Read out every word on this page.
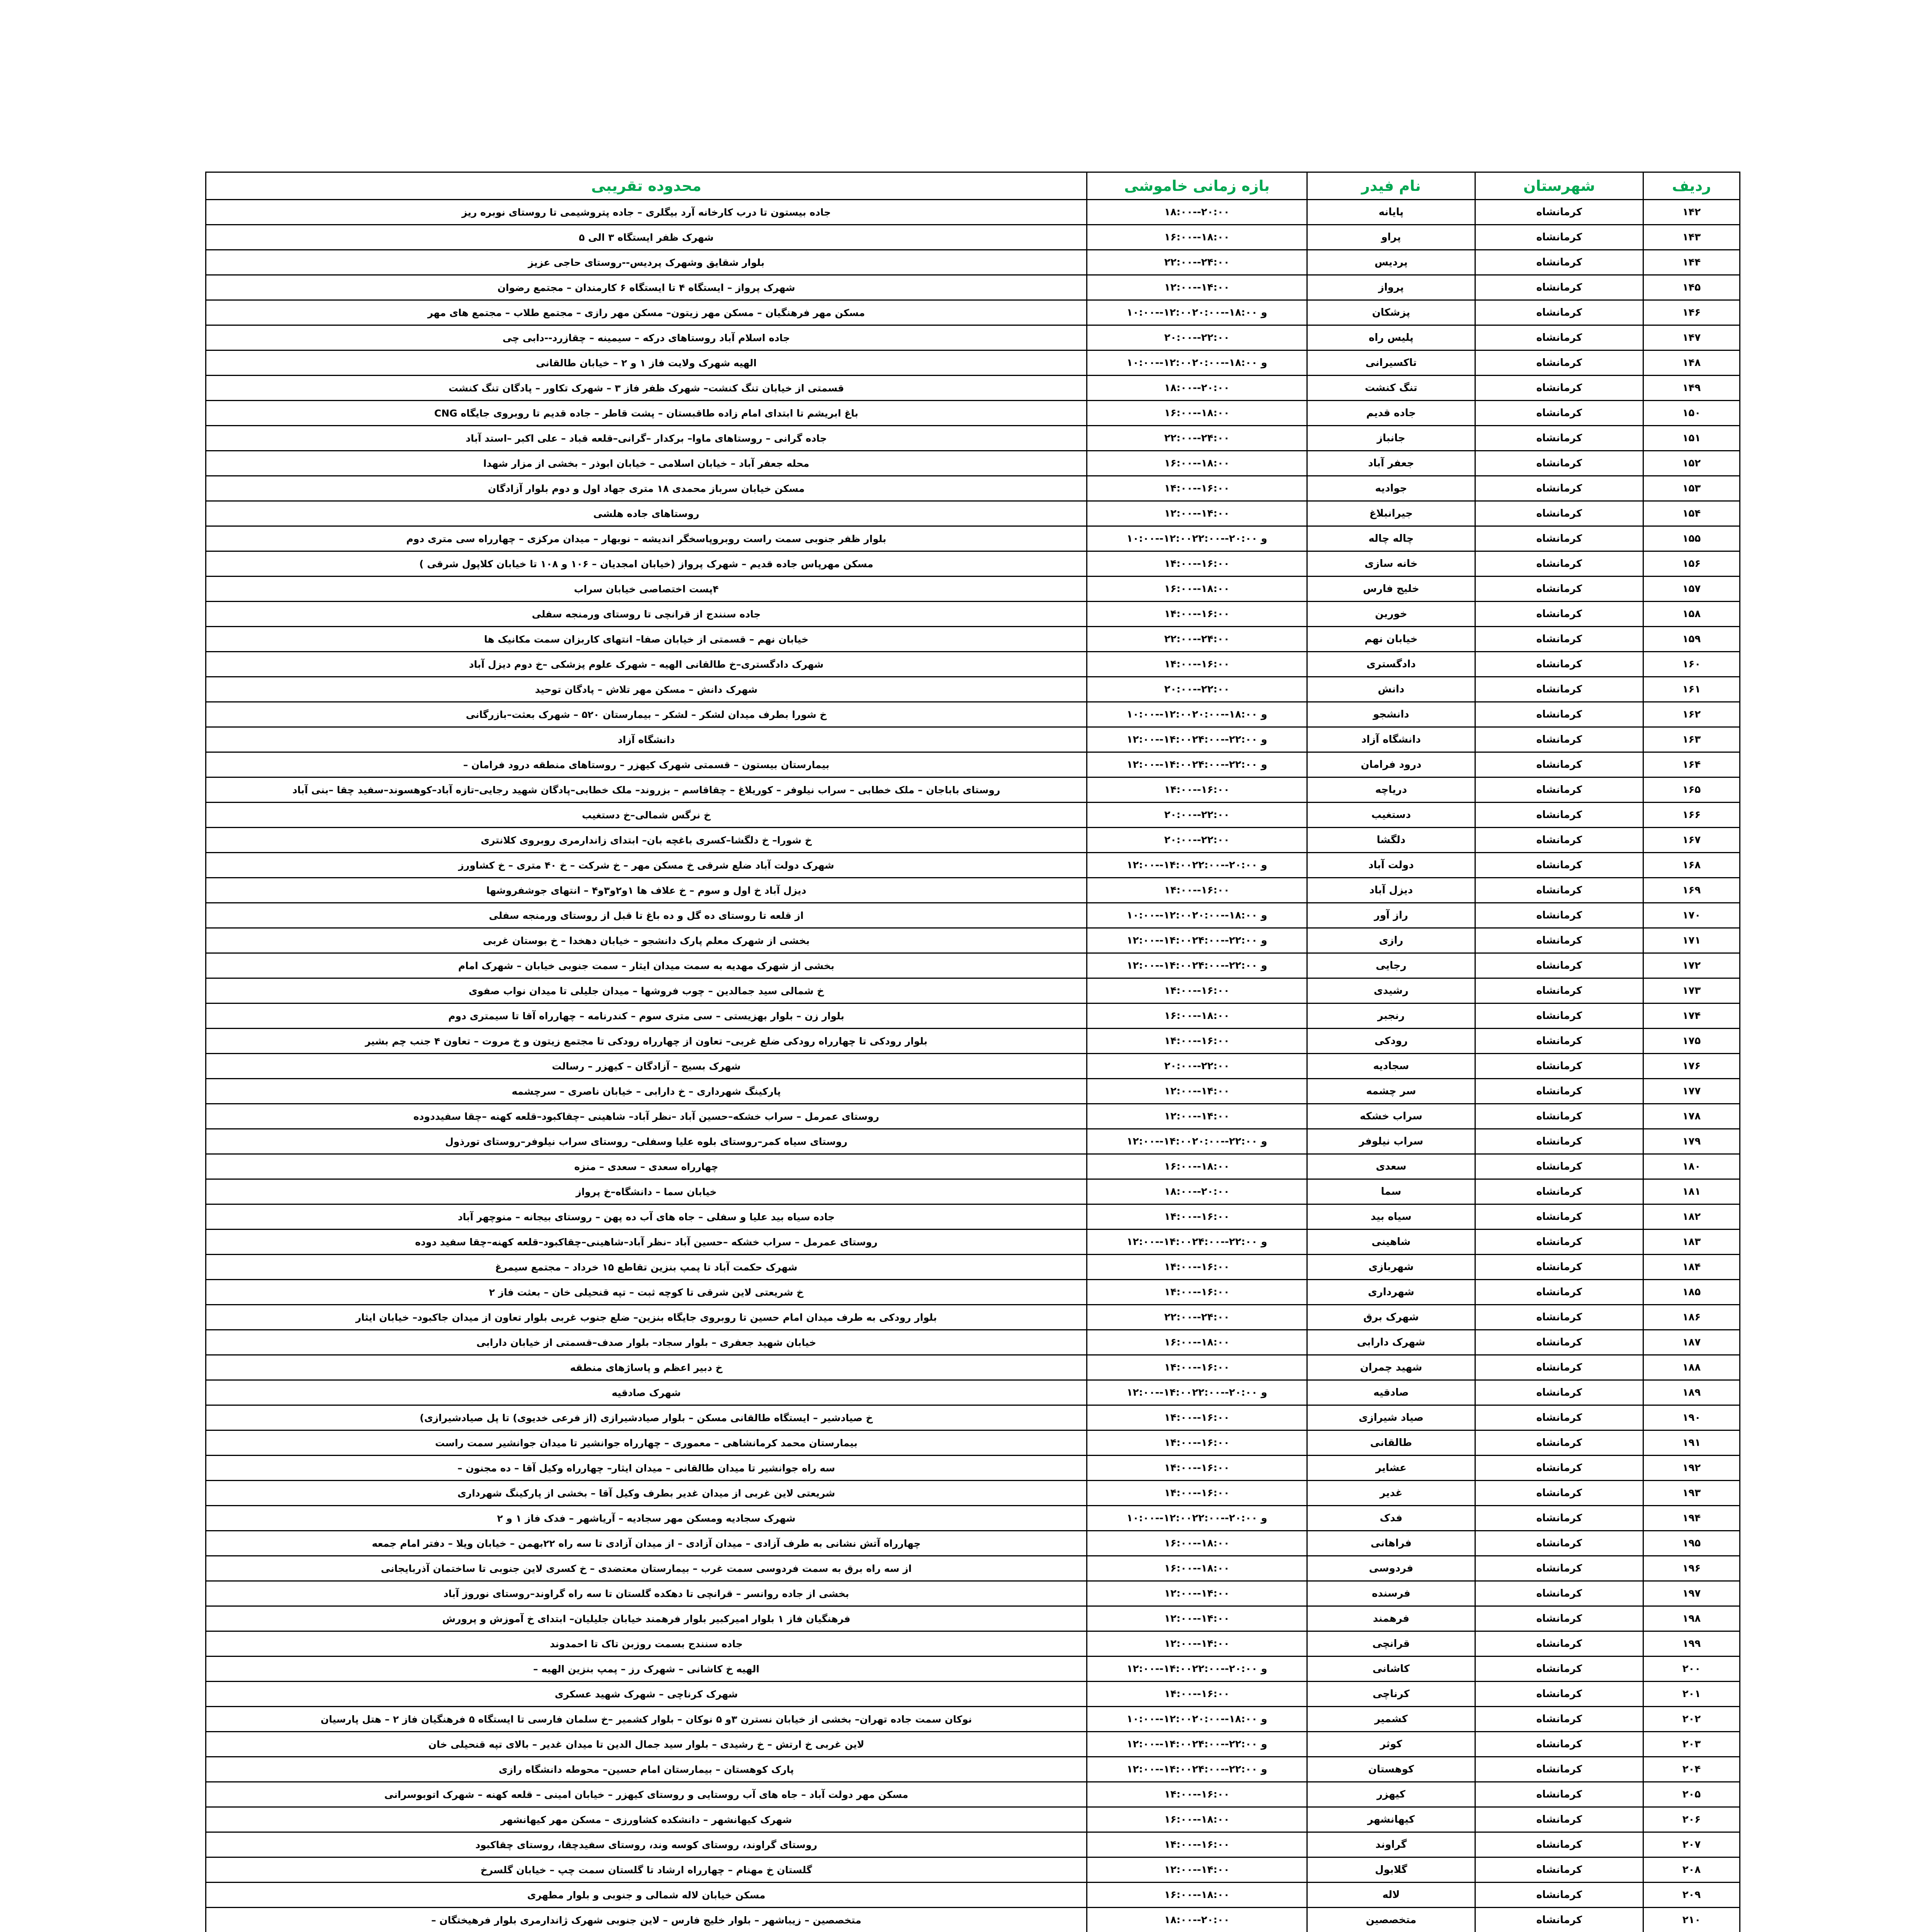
ردیف	شهرستان	نام فیدر	بازه زمانی خاموشی	محدوده تقریبی
۱۴۲	کرمانشاه	پایانه	۱۸:۰۰--۲۰:۰۰	جاده بیستون تا درب کارخانه آرد بیگلری – جاده پتروشیمی تا روستای نوبره ریز
۱۴۳	کرمانشاه	پراو	۱۶:۰۰--۱۸:۰۰	شهرک ظفر ایستگاه ۳ الی ۵
۱۴۴	کرمانشاه	پردیس	۲۲:۰۰--۲۴:۰۰	بلوار شقایق وشهرک پردیس--روستای حاجی عزیز
۱۴۵	کرمانشاه	پرواز	۱۲:۰۰--۱۴:۰۰	شهرک پرواز – ایستگاه ۴ تا ایستگاه ۶ کارمندان – مجتمع رضوان
۱۴۶	کرمانشاه	پزشکان	۱۰:۰۰--۱۲:۰۰و ۱۸:۰۰--۲۰:۰۰	مسکن مهر فرهنگیان – مسکن مهر زیتون– مسکن مهر رازی – مجتمع طلاب – مجتمع های مهر
۱۴۷	کرمانشاه	پلیس راه	۲۰:۰۰--۲۲:۰۰	جاده اسلام آباد روستاهای درکه – سیمینه – چقازرد--دابی چی
۱۴۸	کرمانشاه	تاکسیرانی	۱۰:۰۰--۱۲:۰۰و ۱۸:۰۰--۲۰:۰۰	الهیه شهرک ولایت فاز ۱ و ۲ – خیابان طالقانی
۱۴۹	کرمانشاه	تنگ کنشت	۱۸:۰۰--۲۰:۰۰	قسمتی از خیابان تنگ کنشت– شهرک ظفر فاز ۳ – شهرک تکاور – پادگان تنگ کنشت
۱۵۰	کرمانشاه	جاده قدیم	۱۶:۰۰--۱۸:۰۰	باغ ابریشم تا ابتدای امام زاده طاقبستان – پشت قاطر – جاده قدیم تا روبروی جایگاه CNG
۱۵۱	کرمانشاه	جانباز	۲۲:۰۰--۲۴:۰۰	جاده گرانی – روستاهای ماوا– برکدار –گرانی–قلعه قباد – علی اکبر –استد آباد
۱۵۲	کرمانشاه	جعفر آباد	۱۶:۰۰--۱۸:۰۰	محله جعفر آباد – خیابان اسلامی – خیابان ابوذر – بخشی از مزار شهدا
۱۵۳	کرمانشاه	جوادیه	۱۴:۰۰--۱۶:۰۰	مسکن خیابان سرباز محمدی ۱۸ متری جهاد اول و دوم بلوار آزادگان
۱۵۴	کرمانشاه	جیرانبلاغ	۱۲:۰۰--۱۴:۰۰	روستاهای جاده هلشی
۱۵۵	کرمانشاه	چاله چاله	۱۰:۰۰--۱۲:۰۰و ۲۰:۰۰--۲۲:۰۰	بلوار ظفر جنوبی سمت راست روبروپاسخگر اندیشه – نوبهار – میدان مرکزی – چهارراه سی متری دوم
۱۵۶	کرمانشاه	خانه سازی	۱۴:۰۰--۱۶:۰۰	مسکن مهرپاس جاده قدیم – شهرک پرواز (خیابان امجدیان – ۱۰۶ و ۱۰۸ تا خیابان کلاپول شرقی )
۱۵۷	کرمانشاه	خلیج فارس	۱۶:۰۰--۱۸:۰۰	۴پست اختصاصی خیابان سراب
۱۵۸	کرمانشاه	خورین	۱۴:۰۰--۱۶:۰۰	جاده سنندج از قرانچی تا روستای ورمنجه سفلی
۱۵۹	کرمانشاه	خیابان نهم	۲۲:۰۰--۲۴:۰۰	خیابان نهم – قسمتی از خیابان صفا– انتهای کاربزان سمت مکانیک ها
۱۶۰	کرمانشاه	دادگستری	۱۴:۰۰--۱۶:۰۰	شهرک دادگستری–خ طالقانی الهیه – شهرک علوم پزشکی –خ دوم دیزل آباد
۱۶۱	کرمانشاه	دانش	۲۰:۰۰--۲۲:۰۰	شهرک دانش – مسکن مهر تلاش – پادگان توحید
۱۶۲	کرمانشاه	دانشجو	۱۰:۰۰--۱۲:۰۰و ۱۸:۰۰--۲۰:۰۰	خ شورا بطرف میدان لشکر – لشکر – بیمارستان ۵۲۰ – شهرک بعثت–بازرگانی
۱۶۳	کرمانشاه	دانشگاه آزاد	۱۲:۰۰--۱۴:۰۰و ۲۲:۰۰--۲۴:۰۰	دانشگاه آزاد
۱۶۴	کرمانشاه	درود فرامان	۱۲:۰۰--۱۴:۰۰و ۲۲:۰۰--۲۴:۰۰	بیمارستان بیستون – قسمتی شهرک کیهزر – روستاهای منطقه درود فرامان –
۱۶۵	کرمانشاه	دریاچه	۱۴:۰۰--۱۶:۰۰	روستای باباجان – ملک خطابی – سراب نیلوفر – کوریلاغ – چقاقاسم – بزروند– ملک خطابی–پادگان شهید رجایی–تازه آباد–کوهسوند–سفید چقا –بنی آباد
۱۶۶	کرمانشاه	دستغیب	۲۰:۰۰--۲۲:۰۰	خ نرگس شمالی–خ دستغیب
۱۶۷	کرمانشاه	دلگشا	۲۰:۰۰--۲۲:۰۰	خ شورا– خ دلگشا–کسری باغچه بان– ابتدای زاندارمری روبروی کلانتری
۱۶۸	کرمانشاه	دولت آباد	۱۲:۰۰--۱۴:۰۰و ۲۰:۰۰--۲۲:۰۰	شهرک دولت آباد ضلع شرقی خ مسکن مهر – خ شرکت – خ ۴۰ متری – خ کشاورز
۱۶۹	کرمانشاه	دیزل آباد	۱۴:۰۰--۱۶:۰۰	دیزل آباد خ اول و سوم – خ علاف ها ۱و۲و۳و۴ – انتهای جوشفروشها
۱۷۰	کرمانشاه	راز آور	۱۰:۰۰--۱۲:۰۰و ۱۸:۰۰--۲۰:۰۰	از قلعه تا روستای ده گل و ده باغ تا قبل از روستای ورمنجه سفلی
۱۷۱	کرمانشاه	رازی	۱۲:۰۰--۱۴:۰۰و ۲۲:۰۰--۲۴:۰۰	بخشی از شهرک معلم پارک دانشجو – خیابان دهخدا – خ بوستان غربی
۱۷۲	کرمانشاه	رجایی	۱۲:۰۰--۱۴:۰۰و ۲۲:۰۰--۲۴:۰۰	بخشی از شهرک مهدیه به سمت میدان ایثار – سمت جنوبی خیابان – شهرک امام
۱۷۳	کرمانشاه	رشیدی	۱۴:۰۰--۱۶:۰۰	خ شمالی سید جمالدین – چوب فروشها – میدان جلیلی تا میدان نواب صفوی
۱۷۴	کرمانشاه	رنجبر	۱۶:۰۰--۱۸:۰۰	بلوار زن – بلوار بهزیستی – سی متری سوم – کندرنامه – چهارراه آقا تا سیمتری دوم
۱۷۵	کرمانشاه	رودکی	۱۴:۰۰--۱۶:۰۰	بلوار رودکی تا چهارراه رودکی ضلع غربی– تعاون از چهارراه رودکی تا مجتمع زیتون و خ مروت – تعاون ۴ جنب چم بشیر
۱۷۶	کرمانشاه	سجادیه	۲۰:۰۰--۲۲:۰۰	شهرک بسیج – آزادگان – کیهزر – رسالت
۱۷۷	کرمانشاه	سر چشمه	۱۲:۰۰--۱۴:۰۰	پارکینگ شهرداری – خ دارابی – خیابان ناصری – سرچشمه
۱۷۸	کرمانشاه	سراب خشکه	۱۲:۰۰--۱۴:۰۰	روستای عمرمل – سراب خشکه–حسین آباد –نظر آباد– شاهینی –چقاکبود–قلعه کهنه –چقا سفیددوده
۱۷۹	کرمانشاه	سراب نیلوفر	۱۲:۰۰--۱۴:۰۰و ۲۲:۰۰--۲۰:۰۰	روستای سیاه کمر–روستای بلوه علیا وسفلی– روستای سراب نیلوفر–روستای تورذول
۱۸۰	کرمانشاه	سعدی	۱۶:۰۰--۱۸:۰۰	چهارراه سعدی – سعدی – منزه
۱۸۱	کرمانشاه	سما	۱۸:۰۰--۲۰:۰۰	خیابان سما – دانشگاه–خ پرواز
۱۸۲	کرمانشاه	سیاه بید	۱۴:۰۰--۱۶:۰۰	جاده سیاه بید علیا و سفلی – جاه های آب ده پهن – روستای بیجانه – منوچهر آباد
۱۸۳	کرمانشاه	شاهینی	۱۲:۰۰--۱۴:۰۰و ۲۲:۰۰--۲۴:۰۰	روستای عمرمل – سراب خشکه –حسین آباد –نظر آباد–شاهینی–چقاکبود–قلعه کهنه–چقا سفید دوده
۱۸۴	کرمانشاه	شهربازی	۱۴:۰۰--۱۶:۰۰	شهرک حکمت آباد تا پمپ بنزین تقاطع ۱۵ خرداد – مجتمع سیمرغ
۱۸۵	کرمانشاه	شهرداری	۱۴:۰۰--۱۶:۰۰	خ شریعتی لاین شرقی تا کوچه ثبت – تپه قنحیلی خان – بعثت فاز ۲
۱۸۶	کرمانشاه	شهرک برق	۲۲:۰۰--۲۴:۰۰	بلوار رودکی به طرف میدان امام حسین تا روبروی جایگاه بنزین– ضلع جنوب غربی بلوار تعاون از میدان جاکبود– خیابان ایثار
۱۸۷	کرمانشاه	شهرک دارابی	۱۶:۰۰--۱۸:۰۰	خیابان شهید جعفری – بلوار سجاد– بلوار صدف–قسمتی از خیابان دارابی
۱۸۸	کرمانشاه	شهید چمران	۱۴:۰۰--۱۶:۰۰	خ دبیر اعظم و پاساژهای منطقه
۱۸۹	کرمانشاه	صادقیه	۱۲:۰۰--۱۴:۰۰و ۲۰:۰۰--۲۲:۰۰	شهرک صادقیه
۱۹۰	کرمانشاه	صیاد شیرازی	۱۴:۰۰--۱۶:۰۰	خ صیادشیر – ایستگاه طالقانی مسکن – بلوار صیادشیرازی (از فرعی خدیوی) تا پل صیادشیرازی)
۱۹۱	کرمانشاه	طالقانی	۱۴:۰۰--۱۶:۰۰	بیمارستان محمد کرمانشاهی – معموری – چهارراه جوانشیر تا میدان جوانشیر سمت راست
۱۹۲	کرمانشاه	عشایر	۱۴:۰۰--۱۶:۰۰	سه راه جوانشیر تا میدان طالقانی – میدان ایثار– چهارراه وکیل آقا – ده مجنون –
۱۹۳	کرمانشاه	غدیر	۱۴:۰۰--۱۶:۰۰	شریعتی لاین غربی از میدان غدیر بطرف وکیل آقا – بخشی از پارکینگ شهرداری
۱۹۴	کرمانشاه	فدک	۱۰:۰۰--۱۲:۰۰و ۲۰:۰۰--۲۲:۰۰	شهرک سجادیه ومسکن مهر سجادیه – آریاشهر – فدک فاز ۱ و ۲
۱۹۵	کرمانشاه	فراهانی	۱۶:۰۰--۱۸:۰۰	چهارراه آتش نشانی به طرف آزادی – میدان آزادی – از میدان آزادی تا سه راه ۲۲بهمن – خیابان ویلا – دفتر امام جمعه
۱۹۶	کرمانشاه	فردوسی	۱۶:۰۰--۱۸:۰۰	از سه راه برق به سمت فردوسی سمت غرب – بیمارستان معتضدی – خ کسری لاین جنوبی تا ساختمان آذربایجانی
۱۹۷	کرمانشاه	فرسنده	۱۲:۰۰--۱۴:۰۰	بخشی از جاده روانسر – قرانچی تا دهکده گلستان تا سه راه گراوند–روستای نوروز آباد
۱۹۸	کرمانشاه	فرهمند	۱۲:۰۰--۱۴:۰۰	فرهنگیان فاز ۱ بلوار امیرکبیر بلوار فرهمند خیابان جلیلیان– ابتدای خ آموزش و پرورش
۱۹۹	کرمانشاه	قرانچی	۱۲:۰۰--۱۴:۰۰	جاده سنندج بسمت روزبن تاک تا احمدوند
۲۰۰	کرمانشاه	کاشانی	۱۲:۰۰--۱۴:۰۰و ۲۰:۰۰--۲۲:۰۰	الهیه خ کاشانی – شهرک رز – پمپ بنزین الهیه –
۲۰۱	کرمانشاه	کرناچی	۱۴:۰۰--۱۶:۰۰	شهرک کرناچی – شهرک شهید عسکری
۲۰۲	کرمانشاه	کشمیر	۱۰:۰۰--۱۲:۰۰و ۱۸:۰۰--۲۰:۰۰	نوکان سمت جاده تهران– بخشی از خیابان نسترن ۳و ۵ نوکان – بلوار کشمیر –خ سلمان فارسی تا ایستگاه ۵ فرهنگیان فاز ۲ – هتل پارسیان
۲۰۳	کرمانشاه	کوثر	۱۲:۰۰--۱۴:۰۰و ۲۲:۰۰--۲۴:۰۰	لاین غربی خ ارتش – خ رشیدی – بلوار سید جمال الدین تا میدان غدیر – بالای تپه قنحیلی خان
۲۰۴	کرمانشاه	کوهستان	۱۲:۰۰--۱۴:۰۰و ۲۲:۰۰--۲۴:۰۰	پارک کوهستان – بیمارستان امام حسین– محوطه دانشگاه رازی
۲۰۵	کرمانشاه	کیهزر	۱۴:۰۰--۱۶:۰۰	مسکن مهر دولت آباد – جاه های آب روستایی و روستای کیهزر – خیابان امینی – قلعه کهنه – شهرک اتوبوسرانی
۲۰۶	کرمانشاه	کیهانشهر	۱۶:۰۰--۱۸:۰۰	شهرک کیهانشهر – دانشکده کشاورزی – مسکن مهر کیهانشهر
۲۰۷	کرمانشاه	گراوند	۱۴:۰۰--۱۶:۰۰	روستای گراوند، روستای کوسه وند، روستای سفیدچقا، روستای چقاکبود
۲۰۸	کرمانشاه	گلابول	۱۲:۰۰--۱۴:۰۰	گلستان خ مهنام – چهارراه ارشاد تا گلستان سمت چپ – خیابان گلسرخ
۲۰۹	کرمانشاه	لاله	۱۶:۰۰--۱۸:۰۰	مسکن خیابان لاله شمالی و جنوبی و بلوار مطهری
۲۱۰	کرمانشاه	متخصصین	۱۸:۰۰--۲۰:۰۰	متخصصین – زیباشهر – بلوار خلیج فارس – لاین جنوبی شهرک ژاندارمری بلوار فرهیختگان –
